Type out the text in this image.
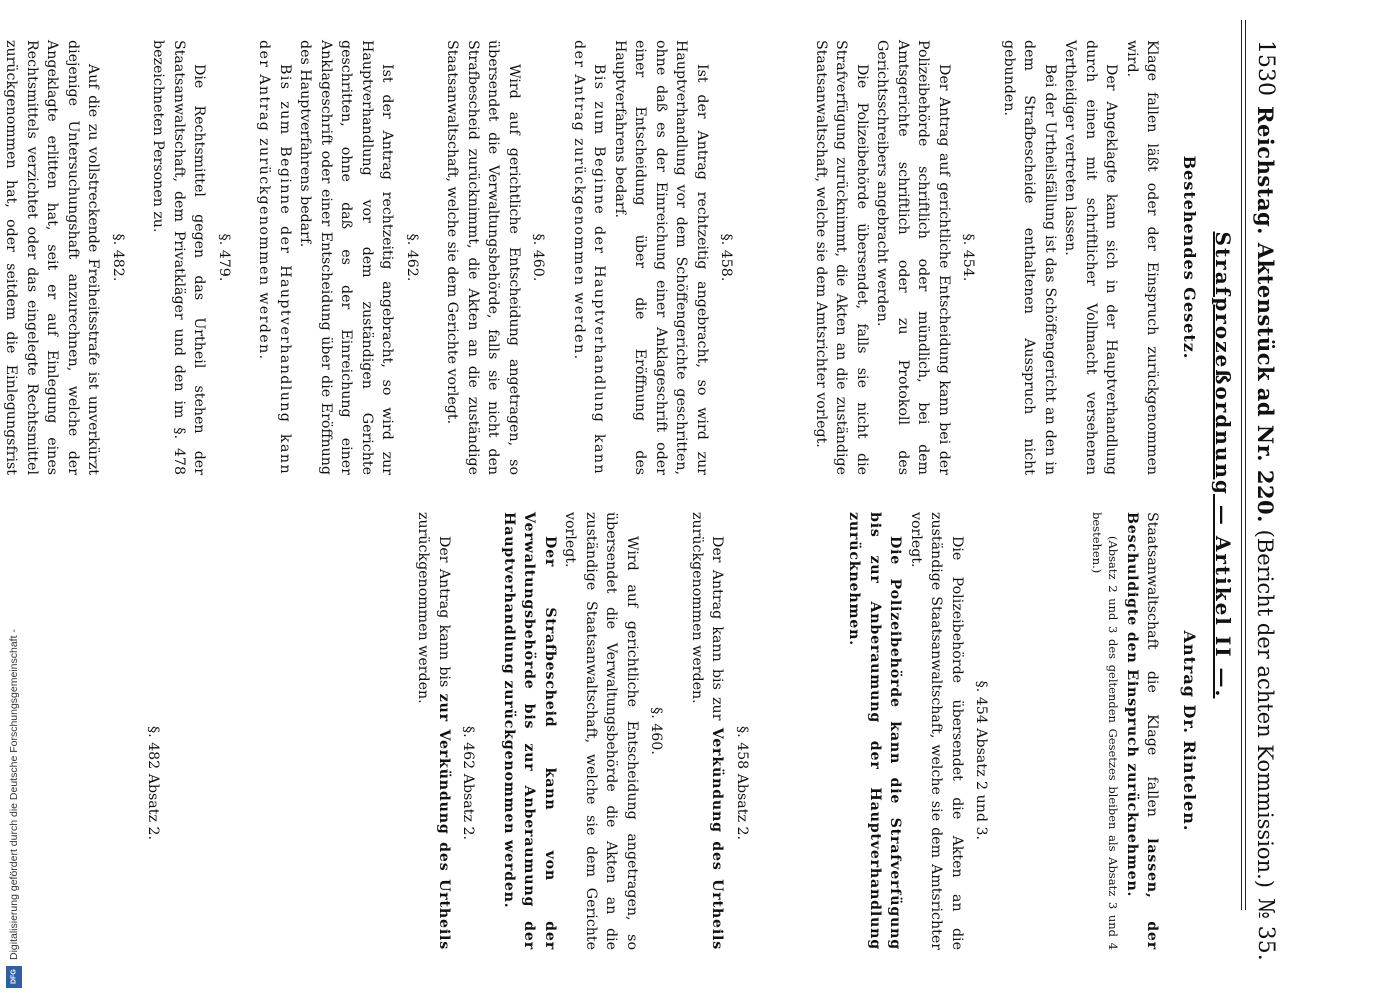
1530
Reichstag. Aktenstück ad Nr. 220. (Bericht der achten Kommission.)
№ 35.
Strafprozeßordnung — Artikel II —.
Bestehendes Gesetz.

Klage fallen läßt oder der Einspruch zurückgenommen wird.

Der Angeklagte kann sich in der Hauptverhandlung durch einen mit schriftlicher Vollmacht versehenen Vertheidiger vertreten lassen.

Bei der Urtheilsfällung ist das Schöffengericht an den in dem Strafbescheide enthaltenen Ausspruch nicht gebunden.

§. 454.

Der Antrag auf gerichtliche Entscheidung kann bei der Polizeibehörde schriftlich oder mündlich, bei dem Amtsgerichte schriftlich oder zu Protokoll des Gerichtsschreibers angebracht werden.

Die Polizeibehörde übersendet, falls sie nicht die Strafverfügung zurücknimmt, die Akten an die zuständige Staatsanwaltschaft, welche sie dem Amtsrichter vorlegt.

§. 458.

Ist der Antrag rechtzeitig angebracht, so wird zur Hauptverhandlung vor dem Schöffengerichte geschritten, ohne daß es der Einreichung einer Anklageschrift oder einer Entscheidung über die Eröffnung des Hauptverfahrens bedarf.

Bis zum Beginne der Hauptverhandlung kann der Antrag zurückgenommen werden.

§. 460.

Wird auf gerichtliche Entscheidung angetragen, so übersendet die Verwaltungsbehörde, falls sie nicht den Strafbescheid zurücknimmt, die Akten an die zuständige Staatsanwaltschaft, welche sie dem Gerichte vorlegt.

§. 462.

Ist der Antrag rechtzeitig angebracht, so wird zur Hauptverhandlung vor dem zuständigen Gerichte geschritten, ohne daß es der Einreichung einer Anklageschrift oder einer Entscheidung über die Eröffnung des Hauptverfahrens bedarf.

Bis zum Beginne der Hauptverhandlung kann der Antrag zurückgenommen werden.

§. 479.

Die Rechtsmittel gegen das Urtheil stehen der Staatsanwaltschaft, dem Privatkläger und den im §. 478 bezeichneten Personen zu.

§. 482.

Auf die zu vollstreckende Freiheitsstrafe ist unverkürzt diejenige Untersuchungshaft anzurechnen, welche der Angeklagte erlitten hat, seit er auf Einlegung eines Rechtsmittels verzichtet oder das eingelegte Rechtsmittel zurückgenommen hat, oder seitdem die Einlegungsfrist

Antrag Dr. Rintelen.

Staatsanwaltschaft die Klage fallen lassen, der Beschuldigte den Einspruch zurücknehmen.

(Absatz 2 und 3 des geltenden Gesetzes bleiben als Absatz 3 und 4 bestehen.)

§. 454 Absatz 2 und 3.

Die Polizeibehörde übersendet die Akten an die zuständige Staatsanwaltschaft, welche sie dem Amtsrichter vorlegt.

Die Polizeibehörde kann die Strafverfügung bis zur Anberaumung der Hauptverhandlung zurücknehmen.

§. 458 Absatz 2.

Der Antrag kann bis zur Verkündung des Urtheils zurückgenommen werden.

§. 460.

Wird auf gerichtliche Entscheidung angetragen, so übersendet die Verwaltungsbehörde die Akten an die zuständige Staatsanwaltschaft, welche sie dem Gerichte vorlegt.

Der Strafbescheid kann von der Verwaltungsbehörde bis zur Anberaumung der Hauptverhandlung zurückgenommen werden.

§. 462 Absatz 2.

Der Antrag kann bis zur Verkündung des Urtheils zurückgenommen werden.

§. 482 Absatz 2.
Digitalisierung gefördert durch die Deutsche Forschungsgemeinschaft -
DFG
